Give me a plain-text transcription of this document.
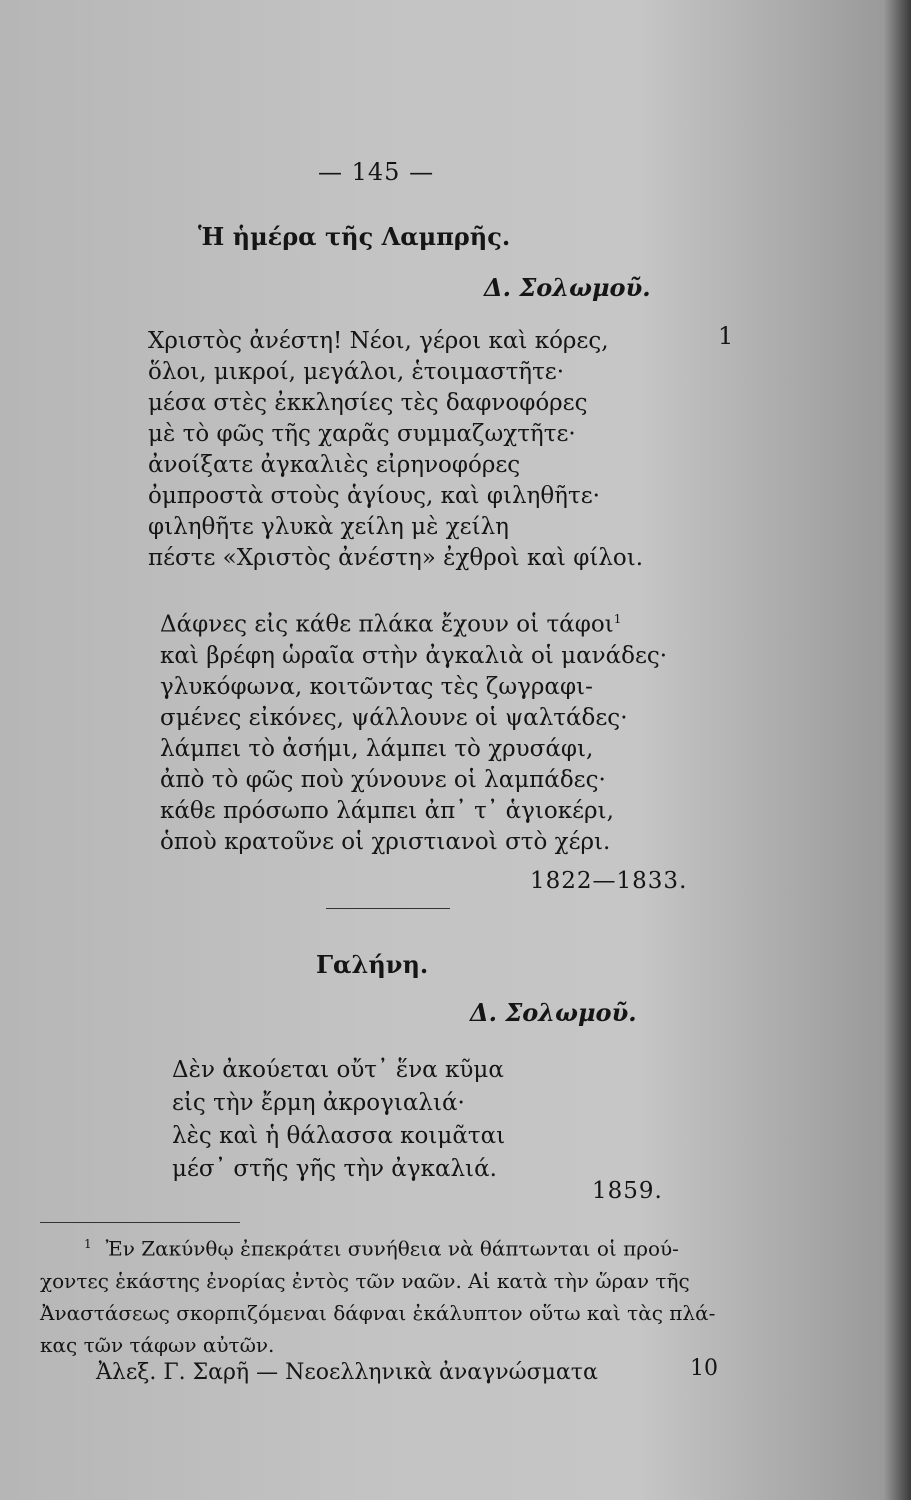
— 145 —
Ἡ ἡμέρα τῆς Λαμπρῆς.
Δ. Σολωμοῦ.
1
Χριστὸς ἀνέστη! Νέοι, γέροι καὶ κόρες,
ὅλοι, μικροί, μεγάλοι, ἑτοιμαστῆτε·
μέσα στὲς ἐκκλησίες τὲς δαφνοφόρες
μὲ τὸ φῶς τῆς χαρᾶς συμμαζωχτῆτε·
ἀνοίξατε ἀγκαλιὲς εἰρηνοφόρες
ὀμπροστὰ στοὺς ἁγίους, καὶ φιληθῆτε·
φιληθῆτε γλυκὰ χείλη μὲ χείλη
πέστε «Χριστὸς ἀνέστη» ἐχθροὶ καὶ φίλοι.
Δάφνες εἰς κάθε πλάκα ἔχουν οἱ τάφοι$^1$
καὶ βρέφη ὡραῖα στὴν ἀγκαλιὰ οἱ μανάδες·
γλυκόφωνα, κοιτῶντας τὲς ζωγραφι-
σμένες εἰκόνες, ψάλλουνε οἱ ψαλτάδες·
λάμπει τὸ ἀσήμι, λάμπει τὸ χρυσάφι,
ἀπὸ τὸ φῶς ποὺ χύνουνε οἱ λαμπάδες·
κάθε πρόσωπο λάμπει ἀπ᾽ τ᾽ ἁγιοκέρι,
ὁποὺ κρατοῦνε οἱ χριστιανοὶ στὸ χέρι.
1822—1833.
Γαλήνη.
Δ. Σολωμοῦ.
Δὲν ἀκούεται οὔτ᾽ ἕνα κῦμα
εἰς τὴν ἔρμη ἀκρογιαλιά·
λὲς καὶ ἡ θάλασσα κοιμᾶται
μέσ᾽ στῆς γῆς τὴν ἀγκαλιά.
1859.
$^1$ Ἐν Ζακύνθῳ ἐπεκράτει συνήθεια νὰ θάπτωνται οἱ πρού-
χοντες ἑκάστης ἐνορίας ἐντὸς τῶν ναῶν. Αἱ κατὰ τὴν ὥραν τῆς
Ἀναστάσεως σκορπιζόμεναι δάφναι ἐκάλυπτον οὕτω καὶ τὰς πλά-
κας τῶν τάφων αὐτῶν.
Ἀλεξ. Γ. Σαρῆ — Νεοελληνικὰ ἀναγνώσματα	10
